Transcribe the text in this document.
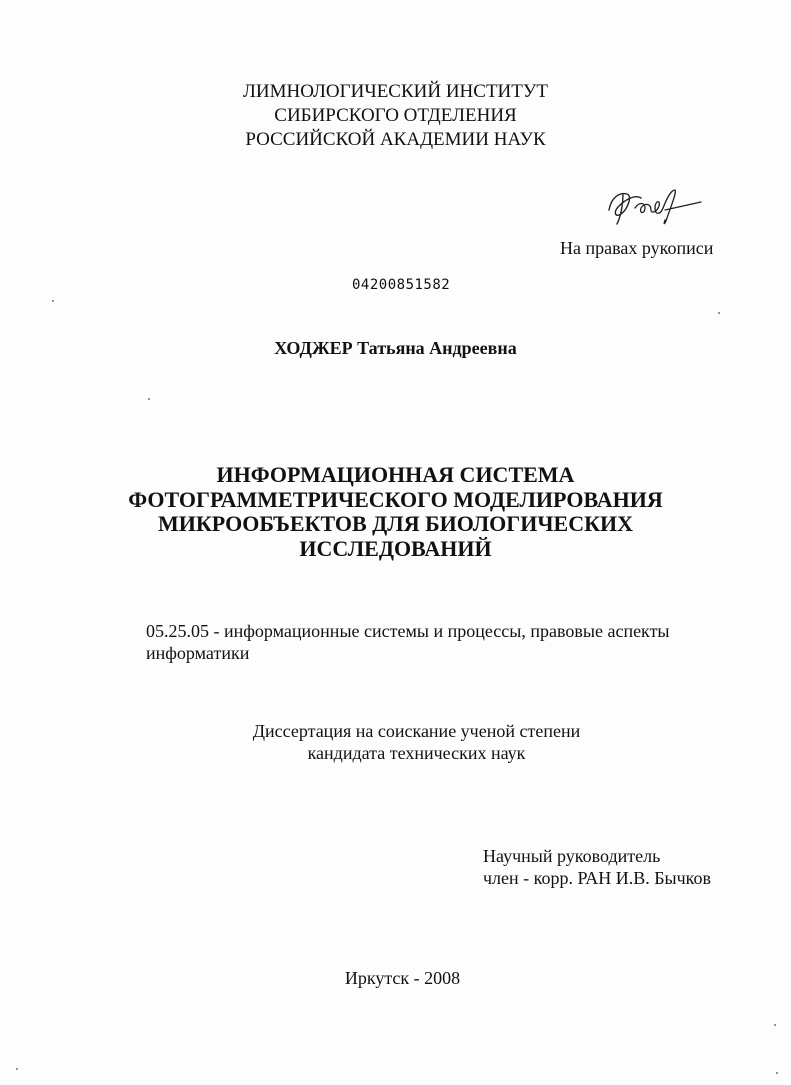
ЛИМНОЛОГИЧЕСКИЙ ИНСТИТУТ
СИБИРСКОГО ОТДЕЛЕНИЯ
РОССИЙСКОЙ АКАДЕМИИ НАУК
На правах рукописи
04200851582
ХОДЖЕР Татьяна Андреевна
ИНФОРМАЦИОННАЯ СИСТЕМА
ФОТОГРАММЕТРИЧЕСКОГО МОДЕЛИРОВАНИЯ
МИКРООБЪЕКТОВ ДЛЯ БИОЛОГИЧЕСКИХ
ИССЛЕДОВАНИЙ
05.25.05 - информационные системы и процессы, правовые аспекты
информатики
Диссертация на соискание ученой степени
кандидата технических наук
Научный руководитель
член - корр. РАН И.В. Бычков
Иркутск - 2008
